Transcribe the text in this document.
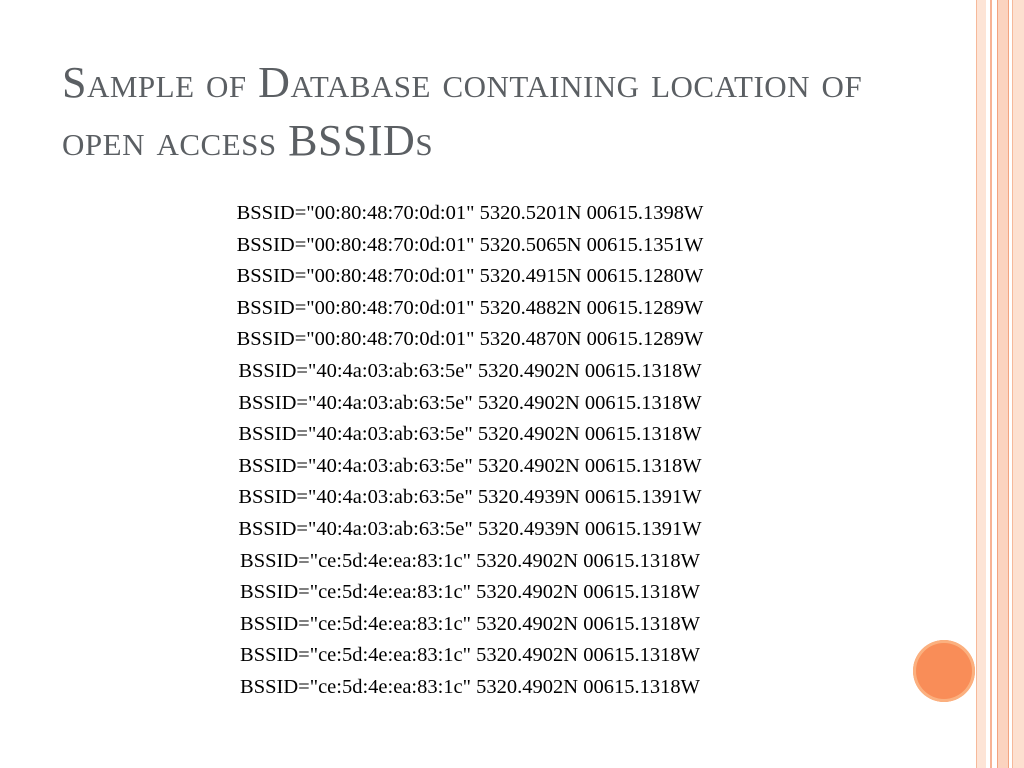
Sample of Database containing location of open access BSSIDs
BSSID="00:80:48:70:0d:01" 5320.5201N 00615.1398W
BSSID="00:80:48:70:0d:01" 5320.5065N 00615.1351W
BSSID="00:80:48:70:0d:01" 5320.4915N 00615.1280W
BSSID="00:80:48:70:0d:01" 5320.4882N 00615.1289W
BSSID="00:80:48:70:0d:01" 5320.4870N 00615.1289W
BSSID="40:4a:03:ab:63:5e" 5320.4902N 00615.1318W
BSSID="40:4a:03:ab:63:5e" 5320.4902N 00615.1318W
BSSID="40:4a:03:ab:63:5e" 5320.4902N 00615.1318W
BSSID="40:4a:03:ab:63:5e" 5320.4902N 00615.1318W
BSSID="40:4a:03:ab:63:5e" 5320.4939N 00615.1391W
BSSID="40:4a:03:ab:63:5e" 5320.4939N 00615.1391W
BSSID="ce:5d:4e:ea:83:1c" 5320.4902N 00615.1318W
BSSID="ce:5d:4e:ea:83:1c" 5320.4902N 00615.1318W
BSSID="ce:5d:4e:ea:83:1c" 5320.4902N 00615.1318W
BSSID="ce:5d:4e:ea:83:1c" 5320.4902N 00615.1318W
BSSID="ce:5d:4e:ea:83:1c" 5320.4902N 00615.1318W
